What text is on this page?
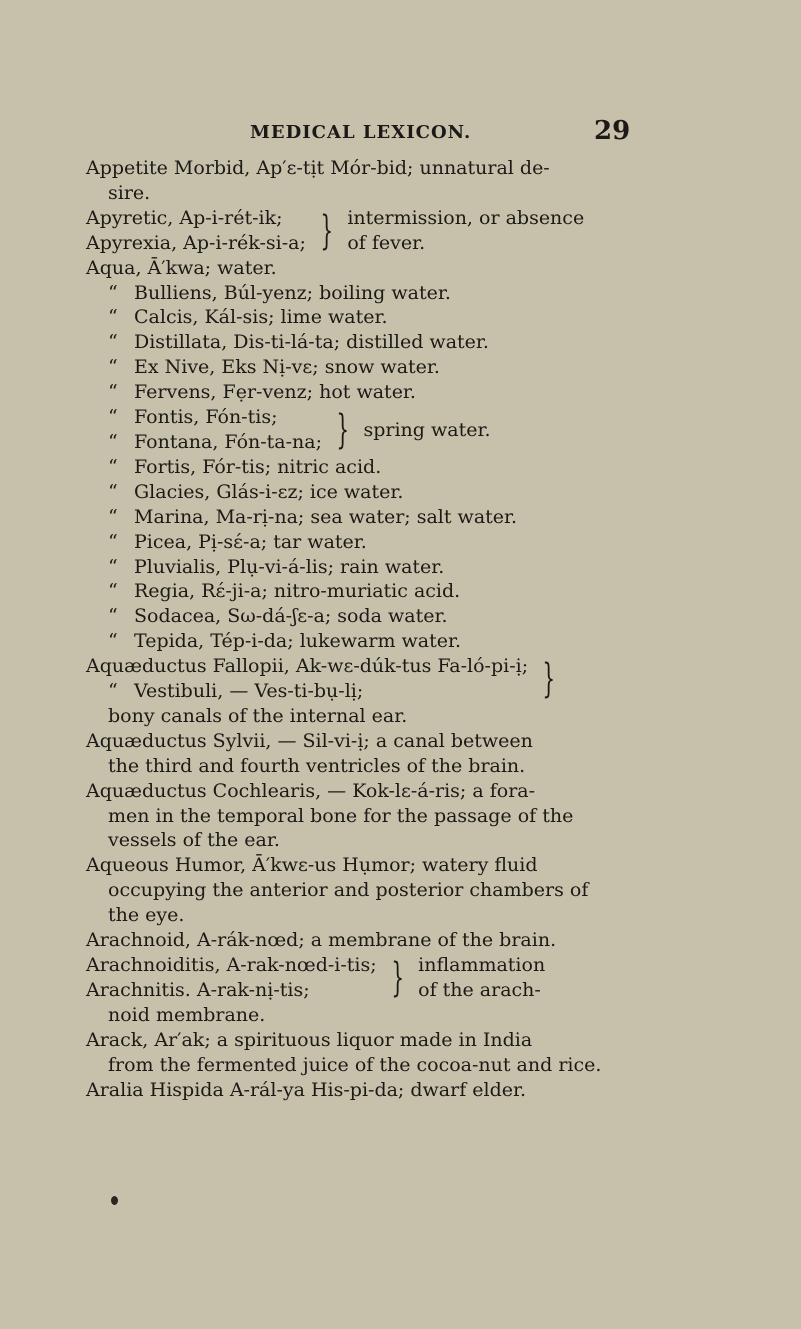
MEDICAL LEXICON.	29
Appetite Morbid, Ap′ε-tịt Mór-bid; unnatural de-
sire.
Apyretic, Ap-i-rét-ik;
Apyrexia, Ap-i-rék-si-a; } intermission, or absence
of fever.
Aqua, Ā′kwa; water.
“ Bulliens, Búl-yenz; boiling water.
“ Calcis, Kál-sis; lime water.
“ Distillata, Dis-ti-lá-ta; distilled water.
“ Ex Nive, Eks Nị-vε; snow water.
“ Fervens, Fẹr-venz; hot water.
“ Fontis, Fón-tis;
“ Fontana, Fón-ta-na; } spring water.
“ Fortis, Fór-tis; nitric acid.
“ Glacies, Glás-i-εz; ice water.
“ Marina, Ma-rị-na; sea water; salt water.
“ Picea, Pị-sέ-a; tar water.
“ Pluvialis, Plụ-vi-á-lis; rain water.
“ Regia, Rέ-ji-a; nitro-muriatic acid.
“ Sodacea, Sω-dá-ʃε-a; soda water.
“ Tepida, Tép-i-da; lukewarm water.
Aquæductus Fallopii, Ak-wε-dúk-tus Fa-ló-pi-ị;
“ Vestibuli, — Ves-ti-bụ-lị;	}
bony canals of the internal ear.
Aquæductus Sylvii, — Sil-vi-ị; a canal between
the third and fourth ventricles of the brain.
Aquæductus Cochlearis, — Kok-lε-á-ris; a fora-
men in the temporal bone for the passage of the
vessels of the ear.
Aqueous Humor, Ā′kwε-us Hụmor; watery fluid
occupying the anterior and posterior chambers of
the eye.
Arachnoid, A-rák-nœd; a membrane of the brain.
Arachnoiditis, A-rak-nœd-i-tis;
Arachnitis. A-rak-nị-tis;	} inflammation
of the arach-
noid membrane.
Arack, Ar′ak; a spirituous liquor made in India
from the fermented juice of the cocoa-nut and rice.
Aralia Hispida A-rál-ya His-pi-da; dwarf elder.
